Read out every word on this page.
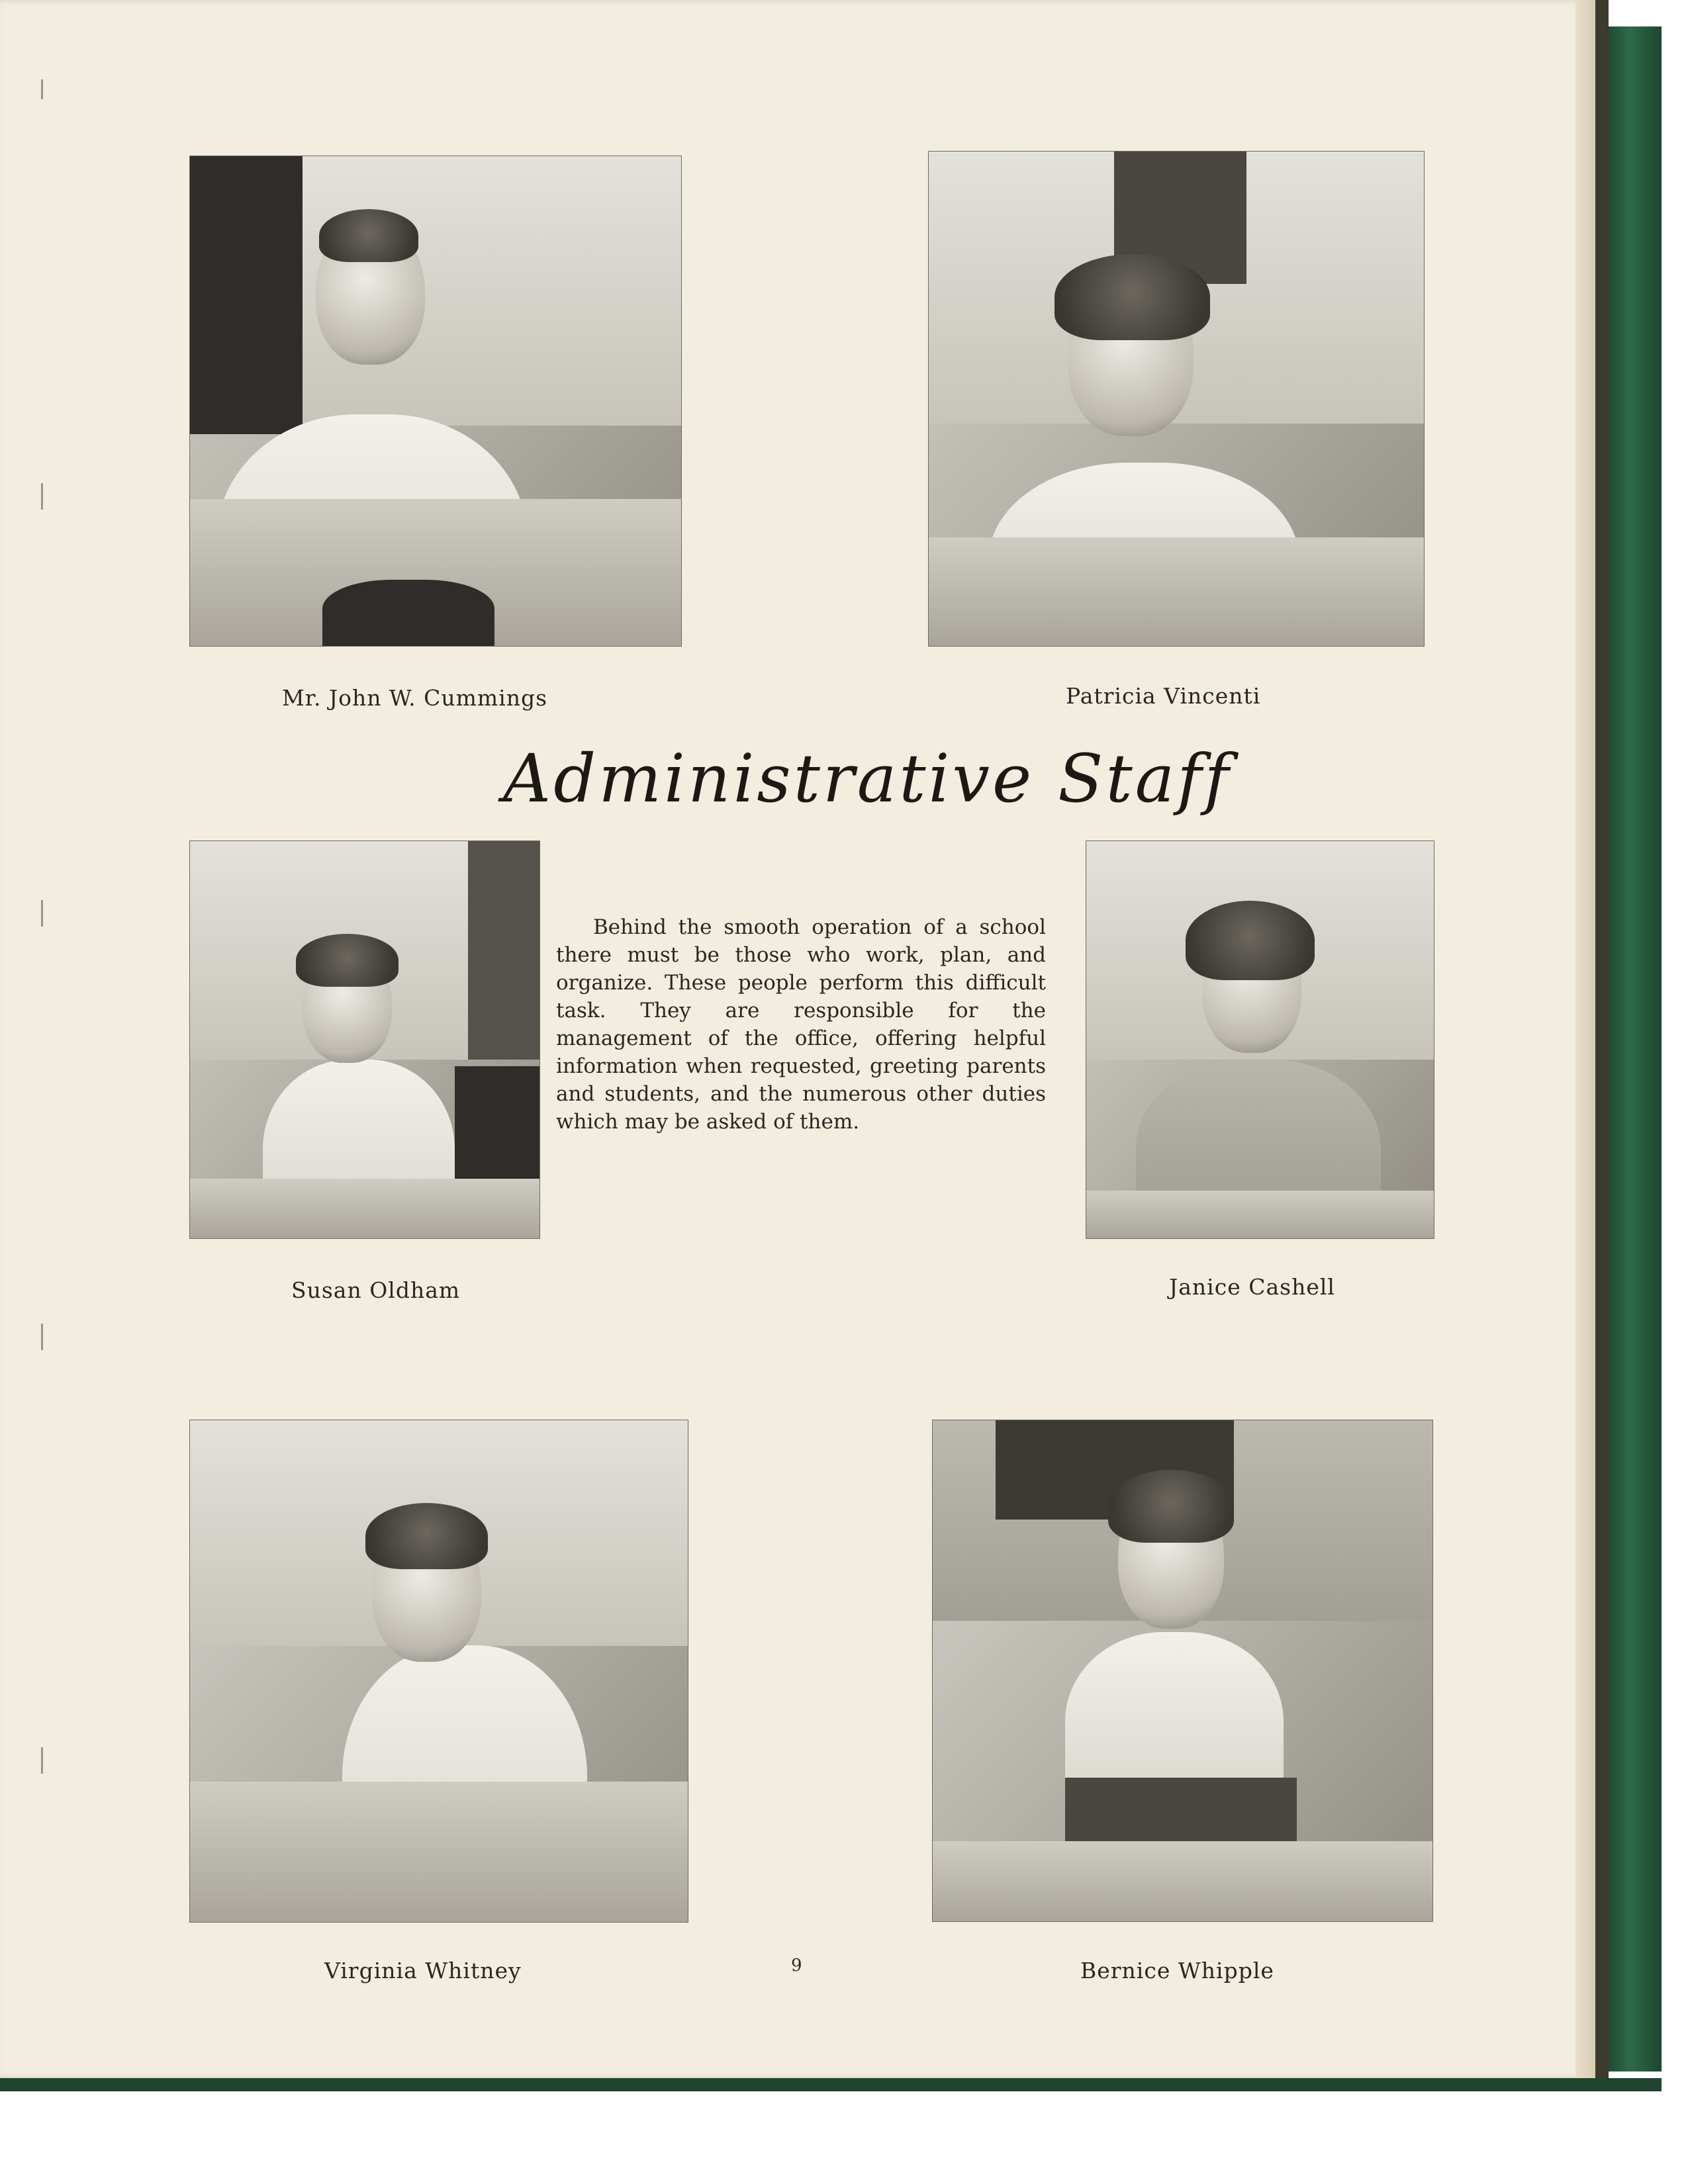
Mr. John W. Cummings	Patricia Vincenti
Administrative Staff
Susan Oldham
Behind the smooth operation of a school there must be those who work, plan, and organize. These people perform this difficult task. They are responsible for the management of the office, offering helpful information when requested, greeting parents and students, and the numerous other duties which may be asked of them.
Janice Cashell
Virginia Whitney	Bernice Whipple
9
